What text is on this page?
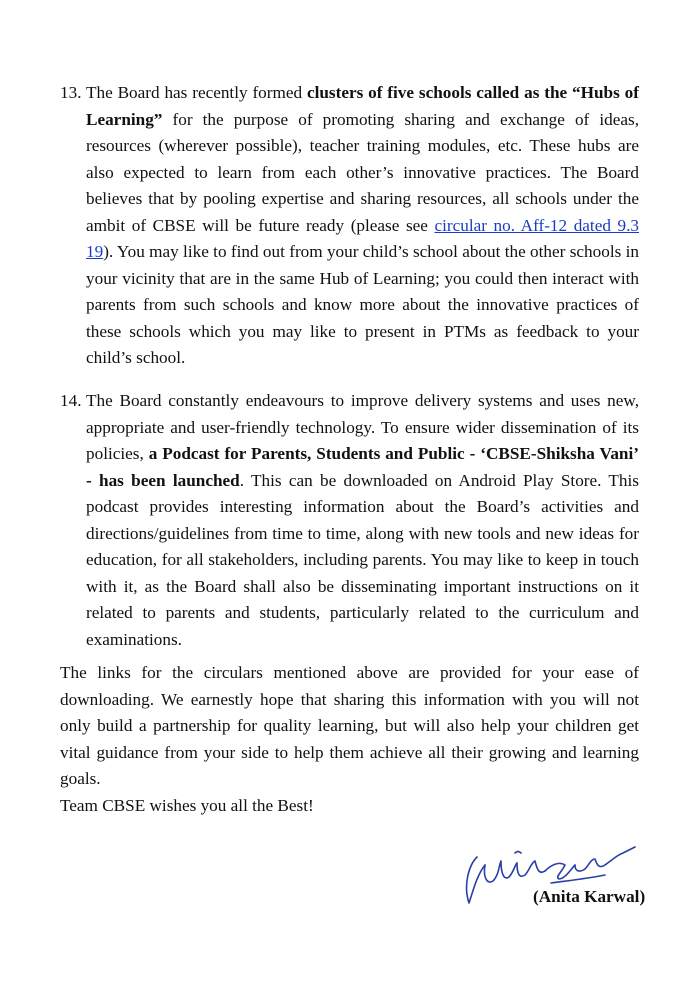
13. The Board has recently formed clusters of five schools called as the “Hubs of Learning” for the purpose of promoting sharing and exchange of ideas, resources (wherever possible), teacher training modules, etc. These hubs are also expected to learn from each other’s innovative practices. The Board believes that by pooling expertise and sharing resources, all schools under the ambit of CBSE will be future ready (please see circular no. Aff-12 dated 9.3 19). You may like to find out from your child’s school about the other schools in your vicinity that are in the same Hub of Learning; you could then interact with parents from such schools and know more about the innovative practices of these schools which you may like to present in PTMs as feedback to your child’s school.
14. The Board constantly endeavours to improve delivery systems and uses new, appropriate and user-friendly technology. To ensure wider dissemination of its policies, a Podcast for Parents, Students and Public - ‘CBSE-Shiksha Vani’ - has been launched. This can be downloaded on Android Play Store. This podcast provides interesting information about the Board’s activities and directions/guidelines from time to time, along with new tools and new ideas for education, for all stakeholders, including parents. You may like to keep in touch with it, as the Board shall also be disseminating important instructions on it related to parents and students, particularly related to the curriculum and examinations.
The links for the circulars mentioned above are provided for your ease of downloading. We earnestly hope that sharing this information with you will not only build a partnership for quality learning, but will also help your children get vital guidance from your side to help them achieve all their growing and learning goals.
Team CBSE wishes you all the Best!
(Anita Karwal)
